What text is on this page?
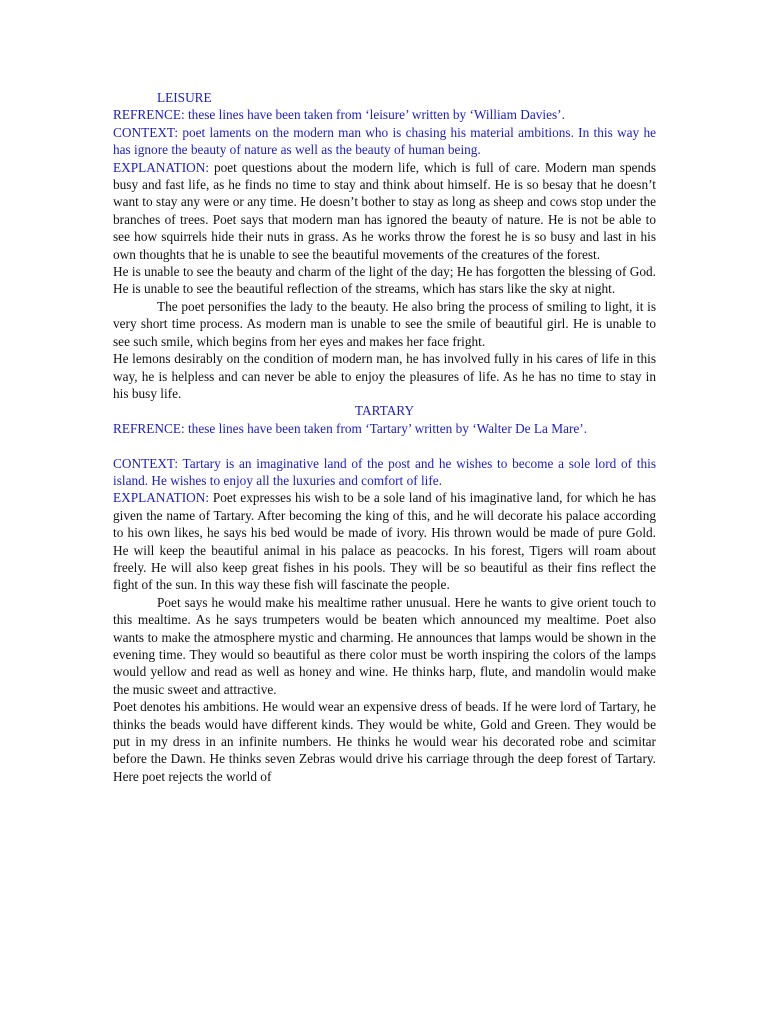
LEISURE

REFRENCE: these lines have been taken from ‘leisure’ written by ‘William Davies’.

CONTEXT: poet laments on the modern man who is chasing his material ambitions. In this way he has ignore the beauty of nature as well as the beauty of human being.

EXPLANATION: poet questions about the modern life, which is full of care. Modern man spends busy and fast life, as he finds no time to stay and think about himself. He is so besay that he doesn’t want to stay any were or any time. He doesn’t bother to stay as long as sheep and cows stop under the branches of trees. Poet says that modern man has ignored the beauty of nature. He is not be able to see how squirrels hide their nuts in grass. As he works throw the forest he is so busy and last in his own thoughts that he is unable to see the beautiful movements of the creatures of the forest.

He is unable to see the beauty and charm of the light of the day; He has forgotten the blessing of God. He is unable to see the beautiful reflection of the streams, which has stars like the sky at night.

The poet personifies the lady to the beauty. He also bring the process of smiling to light, it is very short time process. As modern man is unable to see the smile of beautiful girl. He is unable to see such smile, which begins from her eyes and makes her face fright.

He lemons desirably on the condition of modern man, he has involved fully in his cares of life in this way, he is helpless and can never be able to enjoy the pleasures of life. As he has no time to stay in his busy life.

TARTARY

REFRENCE: these lines have been taken from ‘Tartary’ written by ‘Walter De La Mare’.

CONTEXT: Tartary is an imaginative land of the post and he wishes to become a sole lord of this island. He wishes to enjoy all the luxuries and comfort of life.

EXPLANATION: Poet expresses his wish to be a sole land of his imaginative land, for which he has given the name of Tartary. After becoming the king of this, and he will decorate his palace according to his own likes, he says his bed would be made of ivory. His thrown would be made of pure Gold. He will keep the beautiful animal in his palace as peacocks. In his forest, Tigers will roam about freely. He will also keep great fishes in his pools. They will be so beautiful as their fins reflect the fight of the sun. In this way these fish will fascinate the people.

Poet says he would make his mealtime rather unusual. Here he wants to give orient touch to this mealtime. As he says trumpeters would be beaten which announced my mealtime. Poet also wants to make the atmosphere mystic and charming. He announces that lamps would be shown in the evening time. They would so beautiful as there color must be worth inspiring the colors of the lamps would yellow and read as well as honey and wine. He thinks harp, flute, and mandolin would make the music sweet and attractive.

Poet denotes his ambitions. He would wear an expensive dress of beads. If he were lord of Tartary, he thinks the beads would have different kinds. They would be white, Gold and Green. They would be put in my dress in an infinite numbers. He thinks he would wear his decorated robe and scimitar before the Dawn. He thinks seven Zebras would drive his carriage through the deep forest of Tartary. Here poet rejects the world of
